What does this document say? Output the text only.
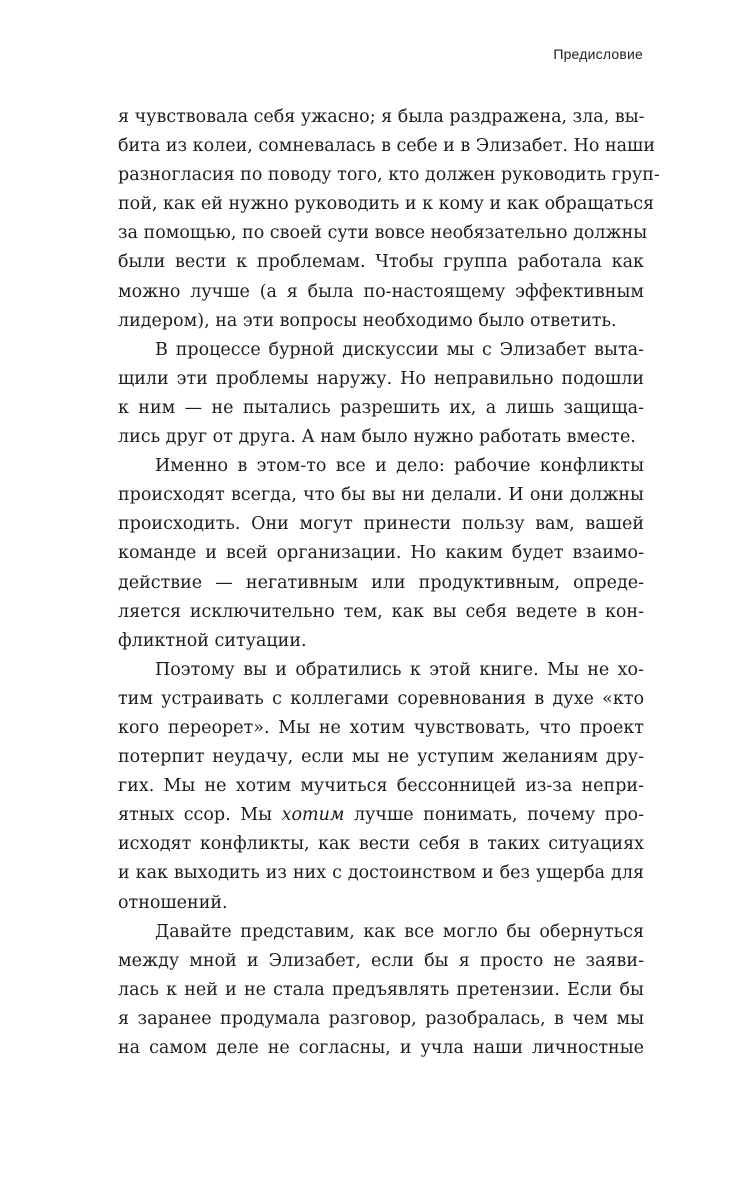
Предисловие
я чувствовала себя ужасно; я была раздражена, зла, вы-
бита из колеи, сомневалась в себе и в Элизабет. Но наши
разногласия по поводу того, кто должен руководить груп-
пой, как ей нужно руководить и к кому и как обращаться
за помощью, по своей сути вовсе необязательно должны
были вести к проблемам. Чтобы группа работала как
можно лучше (а я была по-настоящему эффективным
лидером), на эти вопросы необходимо было ответить.
В процессе бурной дискуссии мы с Элизабет выта-
щили эти проблемы наружу. Но неправильно подошли
к ним — не пытались разрешить их, а лишь защища-
лись друг от друга. А нам было нужно работать вместе.
Именно в этом-то все и дело: рабочие конфликты
происходят всегда, что бы вы ни делали. И они должны
происходить. Они могут принести пользу вам, вашей
команде и всей организации. Но каким будет взаимо-
действие — негативным или продуктивным, опреде-
ляется исключительно тем, как вы себя ведете в кон-
фликтной ситуации.
Поэтому вы и обратились к этой книге. Мы не хо-
тим устраивать с коллегами соревнования в духе «кто
кого переорет». Мы не хотим чувствовать, что проект
потерпит неудачу, если мы не уступим желаниям дру-
гих. Мы не хотим мучиться бессонницей из-за непри-
ятных ссор. Мы хотим лучше понимать, почему про-
исходят конфликты, как вести себя в таких ситуациях
и как выходить из них с достоинством и без ущерба для
отношений.
Давайте представим, как все могло бы обернуться
между мной и Элизабет, если бы я просто не заяви-
лась к ней и не стала предъявлять претензии. Если бы
я заранее продумала разговор, разобралась, в чем мы
на самом деле не согласны, и учла наши личностные
